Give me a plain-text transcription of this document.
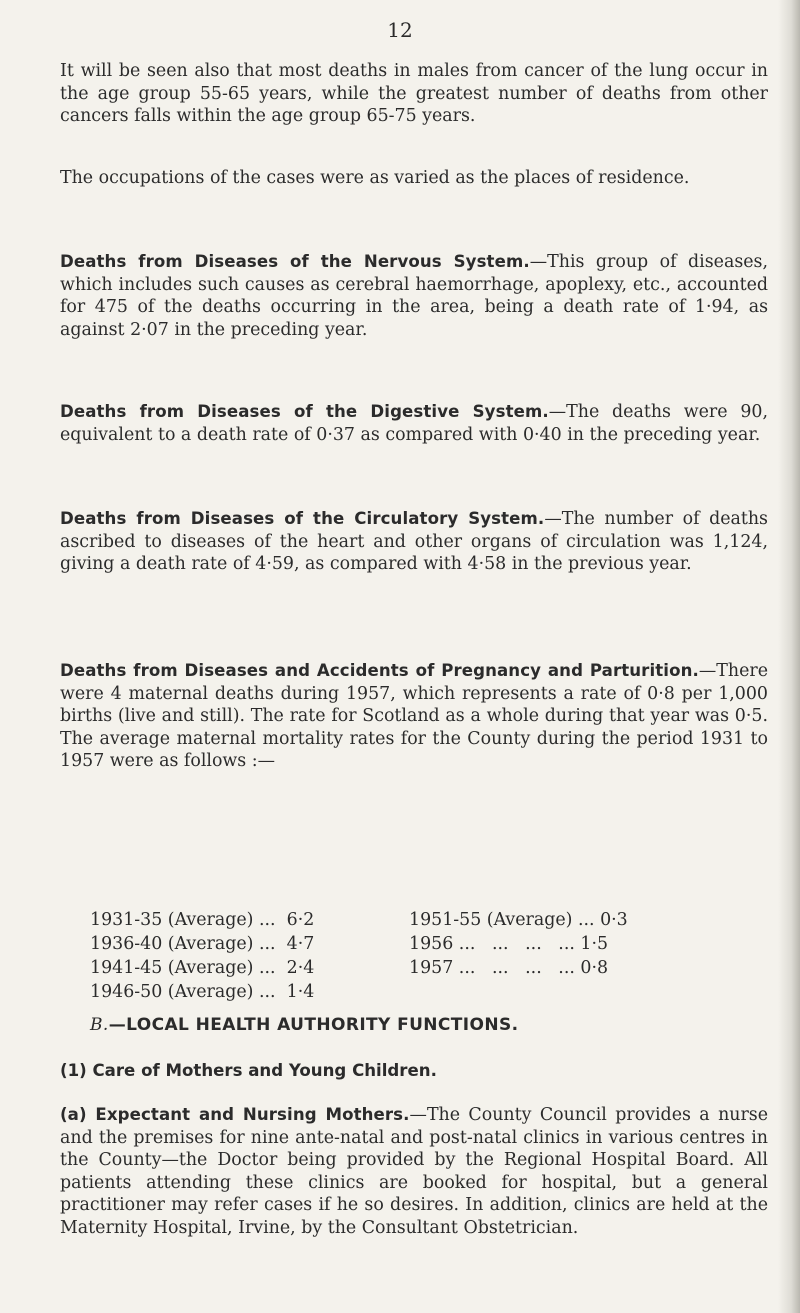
12

It will be seen also that most deaths in males from cancer of the lung occur in the age group 55-65 years, while the greatest number of deaths from other cancers falls within the age group 65-75 years.

The occupations of the cases were as varied as the places of residence.

Deaths from Diseases of the Nervous System.—This group of diseases, which includes such causes as cerebral haemorrhage, apoplexy, etc., accounted for 475 of the deaths occurring in the area, being a death rate of 1·94, as against 2·07 in the preceding year.

Deaths from Diseases of the Digestive System.—The deaths were 90, equivalent to a death rate of 0·37 as compared with 0·40 in the preceding year.

Deaths from Diseases of the Circulatory System.—The number of deaths ascribed to diseases of the heart and other organs of circulation was 1,124, giving a death rate of 4·59, as compared with 4·58 in the previous year.

Deaths from Diseases and Accidents of Pregnancy and Parturition.—There were 4 maternal deaths during 1957, which represents a rate of 0·8 per 1,000 births (live and still). The rate for Scotland as a whole during that year was 0·5. The average maternal mortality rates for the County during the period 1931 to 1957 were as follows :—

1931-35 (Average) ... 6·2
1936-40 (Average) ... 4·7
1941-45 (Average) ... 2·4
1946-50 (Average) ... 1·4
1951-55 (Average) ... 0·3
1956 ...   ...   ...   ... 1·5
1957 ...   ...   ...   ... 0·8
B.—LOCAL HEALTH AUTHORITY FUNCTIONS.
(1) Care of Mothers and Young Children.

(a) Expectant and Nursing Mothers.—The County Council provides a nurse and the premises for nine ante-natal and post-natal clinics in various centres in the County—the Doctor being provided by the Regional Hospital Board. All patients attending these clinics are booked for hospital, but a general practitioner may refer cases if he so desires. In addition, clinics are held at the Maternity Hospital, Irvine, by the Consultant Obstetrician.
